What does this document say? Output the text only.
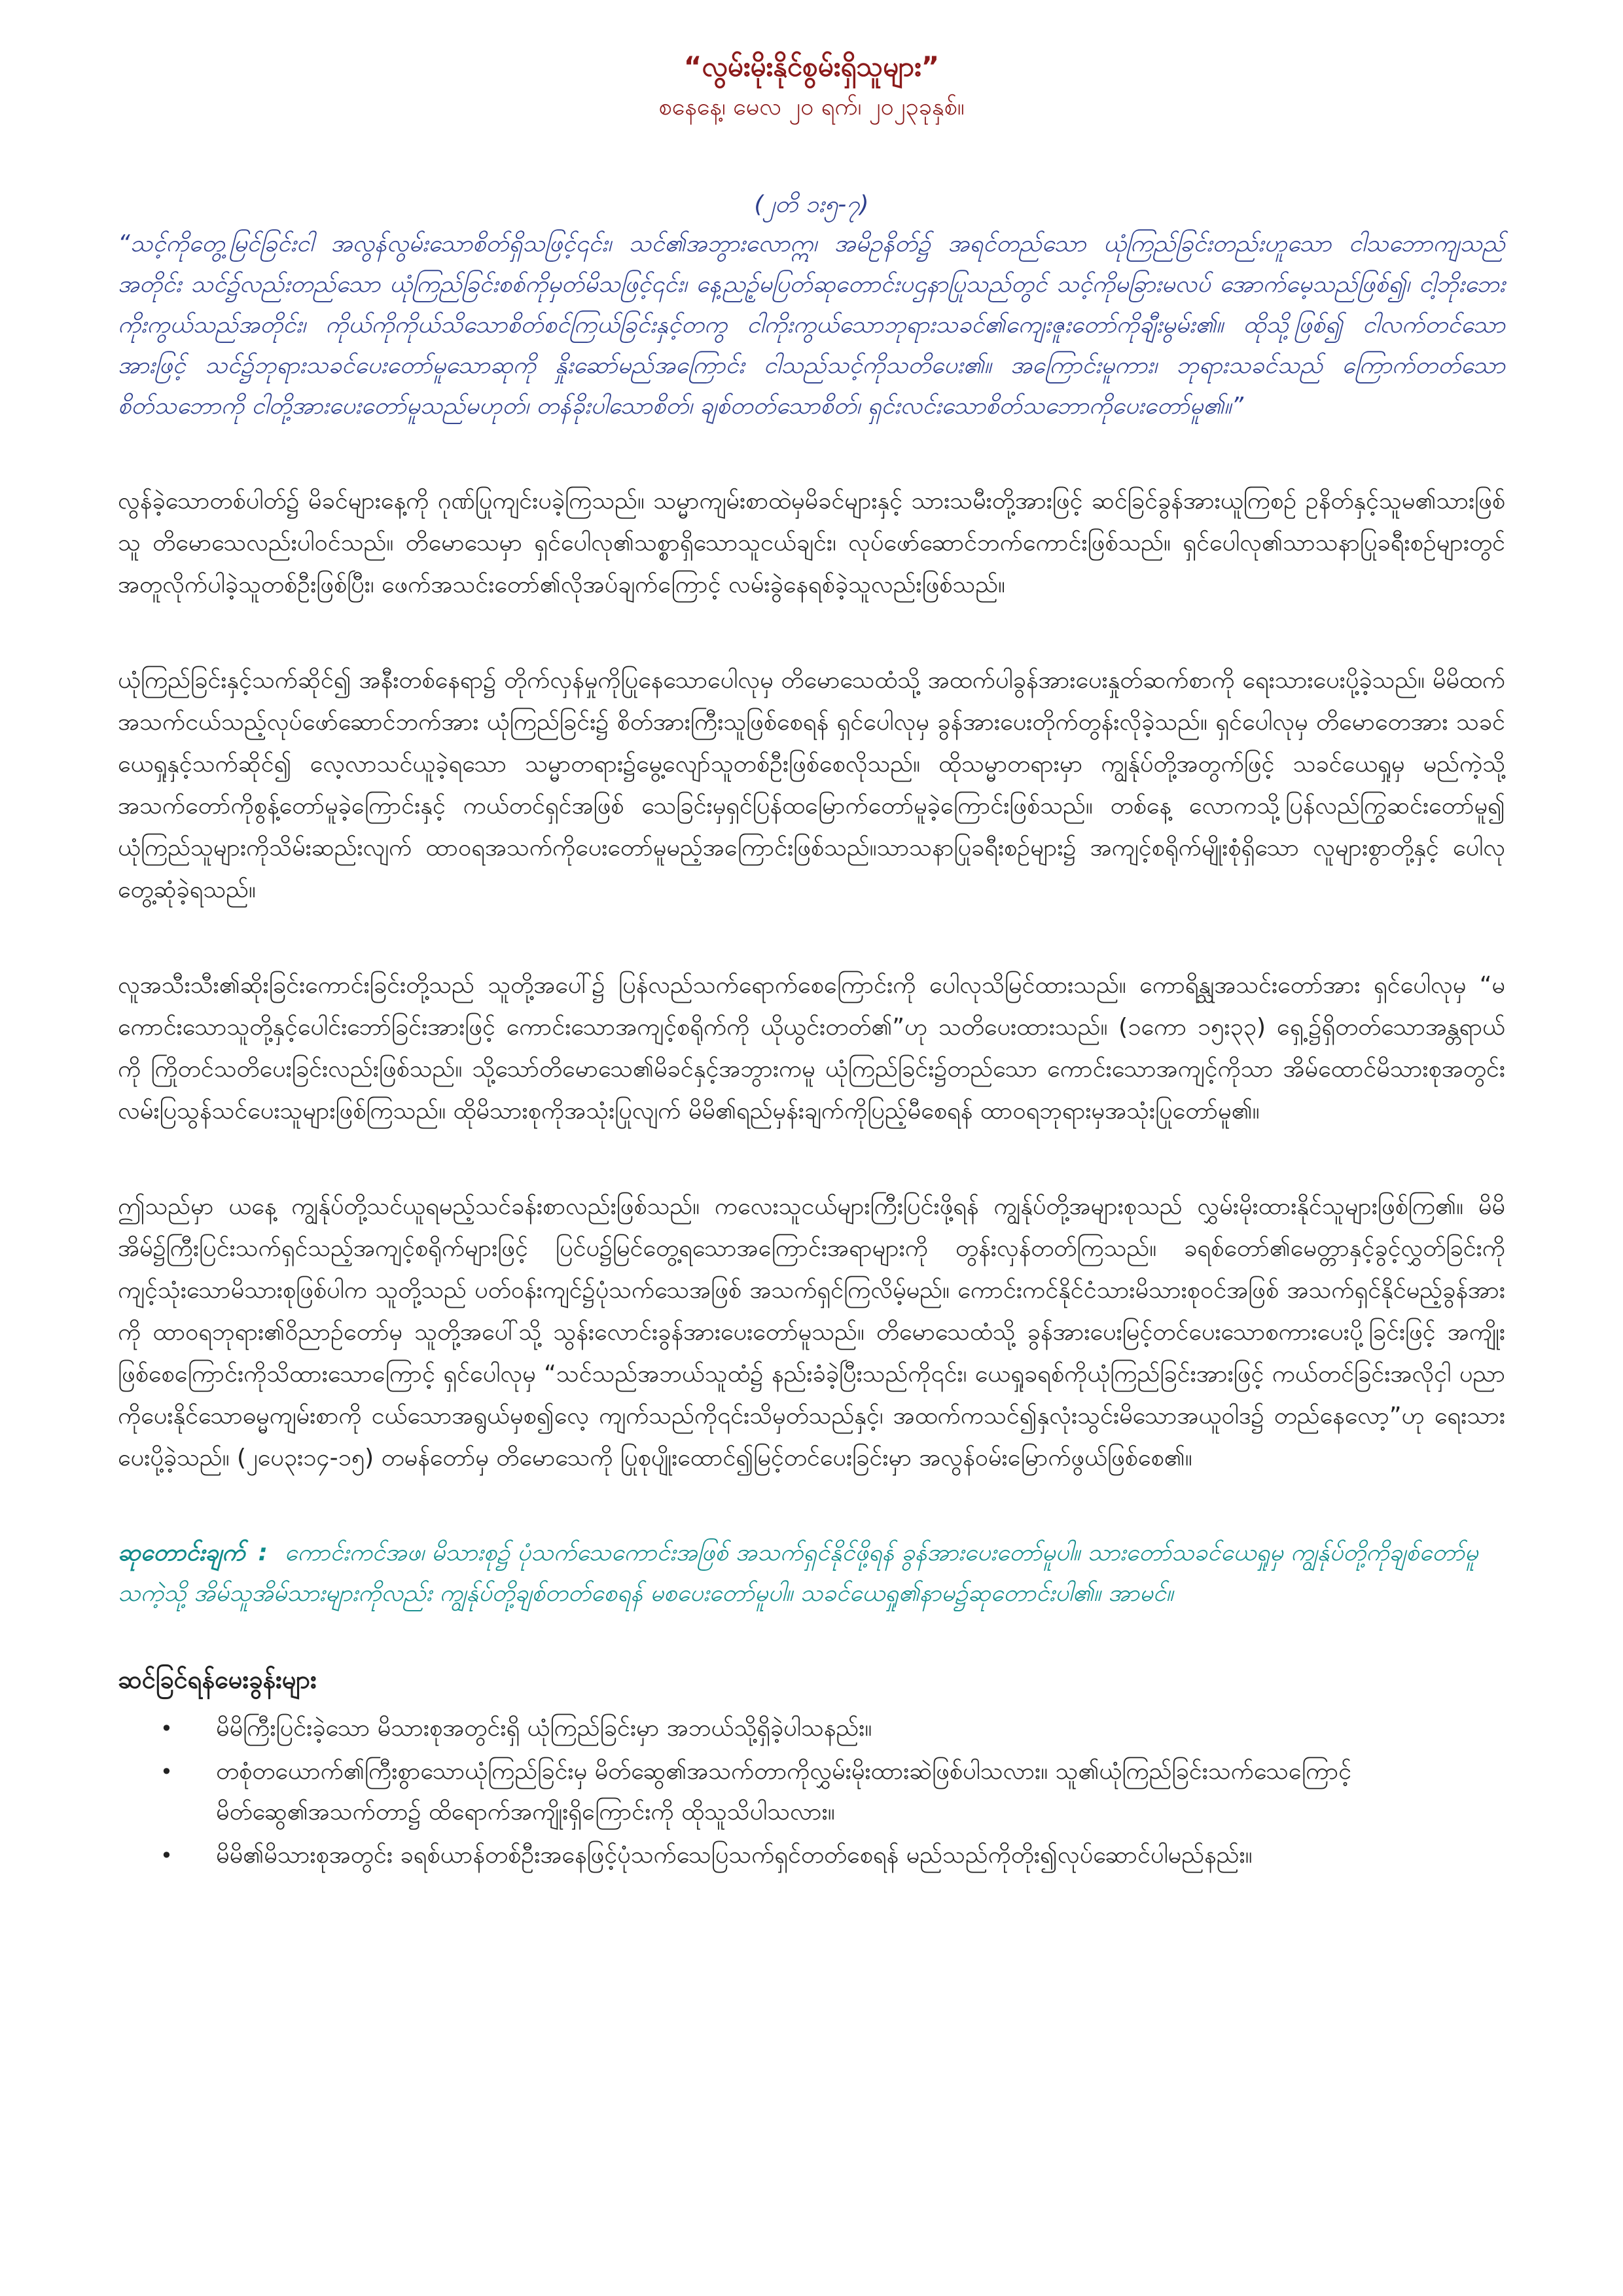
“လွမ်းမိုးနိုင်စွမ်းရှိသူများ”

စနေနေ့၊ မေလ ၂၀ ရက်၊ ၂၀၂၃ခုနှစ်။

(၂တိ ၁း၅-၇)

“သင့်ကိုတွေ့မြင်ခြင်းငါ အလွန်လွမ်းသောစိတ်ရှိသဖြင့်၎င်း၊ သင်၏အဘွားလောဣ၊ အမိဥနိတ်၌ အရင်တည်သော ယုံကြည်ခြင်းတည်းဟူသော ငါသဘောကျသည်အတိုင်း သင်၌လည်းတည်သော ယုံကြည်ခြင်းစစ်ကိုမှတ်မိသဖြင့်၎င်း၊ နေ့ညဥ့်မပြတ်ဆုတောင်းပဌနာပြုသည်တွင် သင့်ကိုမခြားမလပ် အောက်မေ့သည်ဖြစ်၍၊ ငါ့ဘိုးဘေးကိုးကွယ်သည်အတိုင်း၊ ကိုယ်ကိုကိုယ်သိသောစိတ်စင်ကြယ်ခြင်းနှင့်တကွ ငါကိုးကွယ်သောဘုရားသခင်၏ကျေးဇူးတော်ကိုချီးမွမ်း၏။ ထိုသို့ဖြစ်၍ ငါလက်တင်သောအားဖြင့် သင်၌ဘုရားသခင်ပေးတော်မူသောဆုကို နှိုးဆော်မည်အကြောင်း ငါသည်သင့်ကိုသတိပေး၏။ အကြောင်းမူကား၊ ဘုရားသခင်သည် ကြောက်တတ်သောစိတ်သဘောကို ငါတို့အားပေးတော်မူသည်မဟုတ်၊ တန်ခိုးပါသောစိတ်၊ ချစ်တတ်သောစိတ်၊ ရှင်းလင်းသောစိတ်သဘောကိုပေးတော်မူ၏။”

လွန်ခဲ့သောတစ်ပါတ်၌ မိခင်များနေ့ကို ဂုဏ်ပြုကျင်းပခဲ့ကြသည်။ သမ္မာကျမ်းစာထဲမှမိခင်များနှင့် သားသမီးတို့အားဖြင့် ဆင်ခြင်ခွန်အားယူကြစဉ် ဥနိတ်နှင့်သူမ၏သားဖြစ်သူ တိမောသေလည်းပါဝင်သည်။ တိမောသေမှာ ရှင်ပေါလု၏သစ္စာရှိသောသူငယ်ချင်း၊ လုပ်ဖော်ဆောင်ဘက်ကောင်းဖြစ်သည်။ ရှင်ပေါလု၏သာသနာပြုခရီးစဉ်များတွင် အတူလိုက်ပါခဲ့သူတစ်ဦးဖြစ်ပြီး၊ ဖေက်အသင်းတော်၏လိုအပ်ချက်ကြောင့် လမ်းခွဲနေရစ်ခဲ့သူလည်းဖြစ်သည်။

ယုံကြည်ခြင်းနှင့်သက်ဆိုင်၍ အနီးတစ်နေရာ၌ တိုက်လှန်မှုကိုပြုနေသောပေါလုမှ တိမောသေထံသို့ အထက်ပါခွန်အားပေးနှုတ်ဆက်စာကို ရေးသားပေးပို့ခဲ့သည်။ မိမိထက်အသက်ငယ်သည့်လုပ်ဖော်ဆောင်ဘက်အား ယုံကြည်ခြင်း၌ စိတ်အားကြီးသူဖြစ်စေရန် ရှင်ပေါလုမှ ခွန်အားပေးတိုက်တွန်းလိုခဲ့သည်။ ရှင်ပေါလုမှ တိမောတေအား သခင်ယေရှုနှင့်သက်ဆိုင်၍ လေ့လာသင်ယူခဲ့ရသော သမ္မာတရား၌မွေ့လျော်သူတစ်ဦးဖြစ်စေလိုသည်။ ထိုသမ္မာတရားမှာ ကျွန်ုပ်တို့အတွက်ဖြင့် သခင်ယေရှုမှ မည်ကဲ့သို့ အသက်တော်ကိုစွန့်တော်မူခဲ့ကြောင်းနှင့် ကယ်တင်ရှင်အဖြစ် သေခြင်းမှရှင်ပြန်ထမြောက်တော်မူခဲ့ကြောင်းဖြစ်သည်။ တစ်နေ့ လောကသို့ပြန်လည်ကြွဆင်းတော်မူ၍ ယုံကြည်သူများကိုသိမ်းဆည်းလျက် ထာဝရအသက်ကိုပေးတော်မူမည့်အကြောင်းဖြစ်သည်။သာသနာပြုခရီးစဉ်များ၌ အကျင့်စရိုက်မျိုးစုံရှိသော လူများစွာတို့နှင့် ပေါလုတွေ့ဆုံခဲ့ရသည်။

လူအသီးသီး၏ဆိုးခြင်းကောင်းခြင်းတို့သည် သူတို့အပေါ်၌ ပြန်လည်သက်ရောက်စေကြောင်းကို ပေါလုသိမြင်ထားသည်။ ကောရိန္သုအသင်းတော်အား ရှင်ပေါလုမှ “မကောင်းသောသူတို့နှင့်ပေါင်းဘော်ခြင်းအားဖြင့် ကောင်းသောအကျင့်စရိုက်ကို ယိုယွင်းတတ်၏”ဟု သတိပေးထားသည်။ (၁ကော ၁၅း၃၃) ရှေ့၌ရှိတတ်သောအန္တရာယ်ကို ကြိုတင်သတိပေးခြင်းလည်းဖြစ်သည်။ သို့သော်တိမောသေ၏မိခင်နှင့်အဘွားကမူ ယုံကြည်ခြင်း၌တည်သော ကောင်းသောအကျင့်ကိုသာ အိမ်ထောင်မိသားစုအတွင်း လမ်းပြသွန်သင်ပေးသူများဖြစ်ကြသည်။ ထိုမိသားစုကိုအသုံးပြုလျက် မိမိ၏ရည်မှန်းချက်ကိုပြည့်မီစေရန် ထာဝရဘုရားမှအသုံးပြုတော်မူ၏။

ဤသည်မှာ ယနေ့ ကျွန်ုပ်တို့သင်ယူရမည့်သင်ခန်းစာလည်းဖြစ်သည်။ ကလေးသူငယ်များကြီးပြင်းဖို့ရန် ကျွန်ုပ်တို့အများစုသည် လွှမ်းမိုးထားနိုင်သူများဖြစ်ကြ၏။ မိမိအိမ်၌ကြီးပြင်းသက်ရှင်သည့်အကျင့်စရိုက်များဖြင့် ပြင်ပ၌မြင်တွေ့ရသောအကြောင်းအရာများကို တွန်းလှန်တတ်ကြသည်။ ခရစ်တော်၏မေတ္တာနှင့်ခွင့်လွှတ်ခြင်းကို ကျင့်သုံးသောမိသားစုဖြစ်ပါက သူတို့သည် ပတ်ဝန်းကျင်၌ပုံသက်သေအဖြစ် အသက်ရှင်ကြလိမ့်မည်။ ကောင်းကင်နိုင်ငံသားမိသားစုဝင်အဖြစ် အသက်ရှင်နိုင်မည့်ခွန်အားကို ထာဝရဘုရား၏ဝိညာဉ်တော်မှ သူတို့အပေါ်သို့ သွန်းလောင်းခွန်အားပေးတော်မူသည်။ တိမောသေထံသို့ ခွန်အားပေးမြင့်တင်ပေးသောစကားပေးပို့ခြင်းဖြင့် အကျိုးဖြစ်စေကြောင်းကိုသိထားသောကြောင့် ရှင်ပေါလုမှ “သင်သည်အဘယ်သူထံ၌ နည်းခံခဲ့ပြီးသည်ကို၎င်း၊ ယေရှုခရစ်ကိုယုံကြည်ခြင်းအားဖြင့် ကယ်တင်ခြင်းအလိုငှါ ပညာကိုပေးနိုင်သောဓမ္မကျမ်းစာကို ငယ်သောအရွယ်မှစ၍လေ့ ကျက်သည်ကို၎င်းသိမှတ်သည်နှင့်၊ အထက်ကသင်၍နှလုံးသွင်းမိသောအယူဝါဒ၌ တည်နေလော့”ဟု ရေးသားပေးပို့ခဲ့သည်။ (၂ပေ၃း၁၄-၁၅) တမန်တော်မှ တိမောသေကို ပြုစုပျိုးထောင်၍မြင့်တင်ပေးခြင်းမှာ အလွန်ဝမ်းမြောက်ဖွယ်ဖြစ်စေ၏။

ဆုတောင်းချက် : ကောင်းကင်အဖ၊ မိသားစု၌ ပုံသက်သေကောင်းအဖြစ် အသက်ရှင်နိုင်ဖို့ရန် ခွန်အားပေးတော်မူပါ။ သားတော်သခင်ယေရှုမှ ကျွန်ုပ်တို့ကိုချစ်တော်မူသကဲ့သို့ အိမ်သူအိမ်သားများကိုလည်း ကျွန်ုပ်တို့ချစ်တတ်စေရန် မစပေးတော်မူပါ။ သခင်ယေရှု၏နာမ၌ဆုတောင်းပါ၏။ အာမင်။

ဆင်ခြင်ရန်မေးခွန်းများ
• မိမိကြီးပြင်းခဲ့သော မိသားစုအတွင်းရှိ ယုံကြည်ခြင်းမှာ အဘယ်သို့ရှိခဲ့ပါသနည်း။
• တစုံတယောက်၏ကြီးစွာသောယုံကြည်ခြင်းမှ မိတ်ဆွေ၏အသက်တာကိုလွှမ်းမိုးထားဆဲဖြစ်ပါသလား။ သူ၏ယုံကြည်ခြင်းသက်သေကြောင့် မိတ်ဆွေ၏အသက်တာ၌ ထိရောက်အကျိုးရှိကြောင်းကို ထိုသူသိပါသလား။
• မိမိ၏မိသားစုအတွင်း ခရစ်ယာန်တစ်ဦးအနေဖြင့်ပုံသက်သေပြသက်ရှင်တတ်စေရန် မည်သည်ကိုတိုး၍လုပ်ဆောင်ပါမည်နည်း။
